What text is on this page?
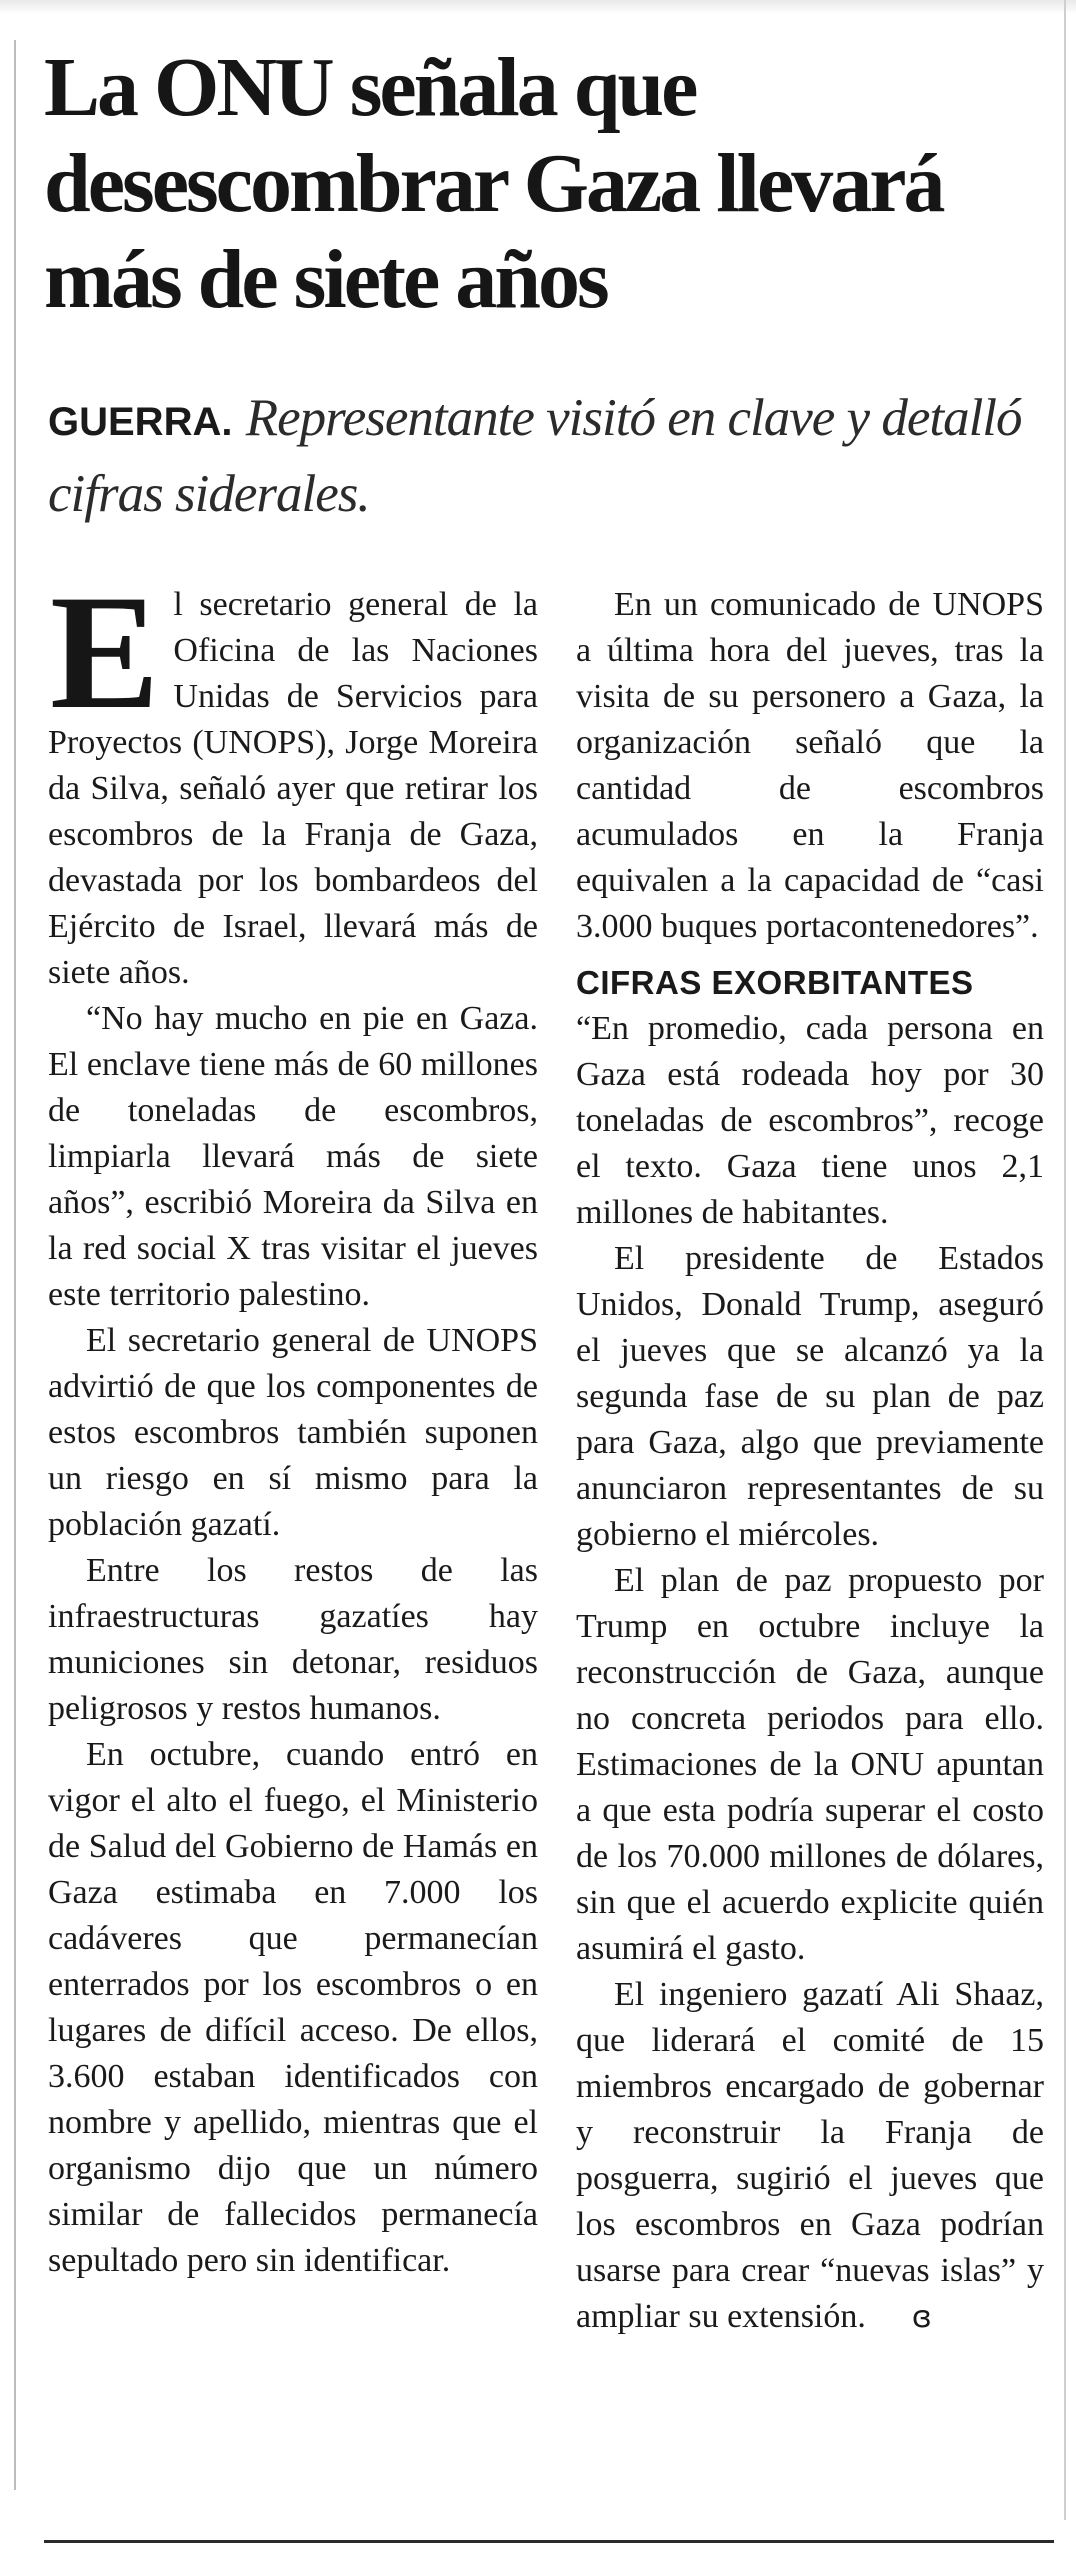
La ONU señala que desescombrar Gaza llevará más de siete años

GUERRA. Representante visitó en clave y detalló cifras siderales.

El secretario general de la Oficina de las Naciones Unidas de Servicios para Proyectos (UNOPS), Jorge Moreira da Silva, señaló ayer que retirar los escombros de la Franja de Gaza, devastada por los bombardeos del Ejército de Israel, llevará más de siete años.

“No hay mucho en pie en Gaza. El enclave tiene más de 60 millones de toneladas de escombros, limpiarla llevará más de siete años”, escribió Moreira da Silva en la red social X tras visitar el jueves este territorio palestino.

El secretario general de UNOPS advirtió de que los componentes de estos escombros también suponen un riesgo en sí mismo para la población gazatí.

Entre los restos de las infraestructuras gazatíes hay municiones sin detonar, residuos peligrosos y restos humanos.

En octubre, cuando entró en vigor el alto el fuego, el Ministerio de Salud del Gobierno de Hamás en Gaza estimaba en 7.000 los cadáveres que permanecían enterrados por los escombros o en lugares de difícil acceso. De ellos, 3.600 estaban identificados con nombre y apellido, mientras que el organismo dijo que un número similar de fallecidos permanecía sepultado pero sin identificar.

En un comunicado de UNOPS a última hora del jueves, tras la visita de su personero a Gaza, la organización señaló que la cantidad de escombros acumulados en la Franja equivalen a la capacidad de “casi 3.000 buques portacontenedores”.

CIFRAS EXORBITANTES

“En promedio, cada persona en Gaza está rodeada hoy por 30 toneladas de escombros”, recoge el texto. Gaza tiene unos 2,1 millones de habitantes.

El presidente de Estados Unidos, Donald Trump, aseguró el jueves que se alcanzó ya la segunda fase de su plan de paz para Gaza, algo que previamente anunciaron representantes de su gobierno el miércoles.

El plan de paz propuesto por Trump en octubre incluye la reconstrucción de Gaza, aunque no concreta periodos para ello. Estimaciones de la ONU apuntan a que esta podría superar el costo de los 70.000 millones de dólares, sin que el acuerdo explicite quién asumirá el gasto.

El ingeniero gazatí Ali Shaaz, que liderará el comité de 15 miembros encargado de gobernar y reconstruir la Franja de posguerra, sugirió el jueves que los escombros en Gaza podrían usarse para crear “nuevas islas” y ampliar su extensión. ɞ
